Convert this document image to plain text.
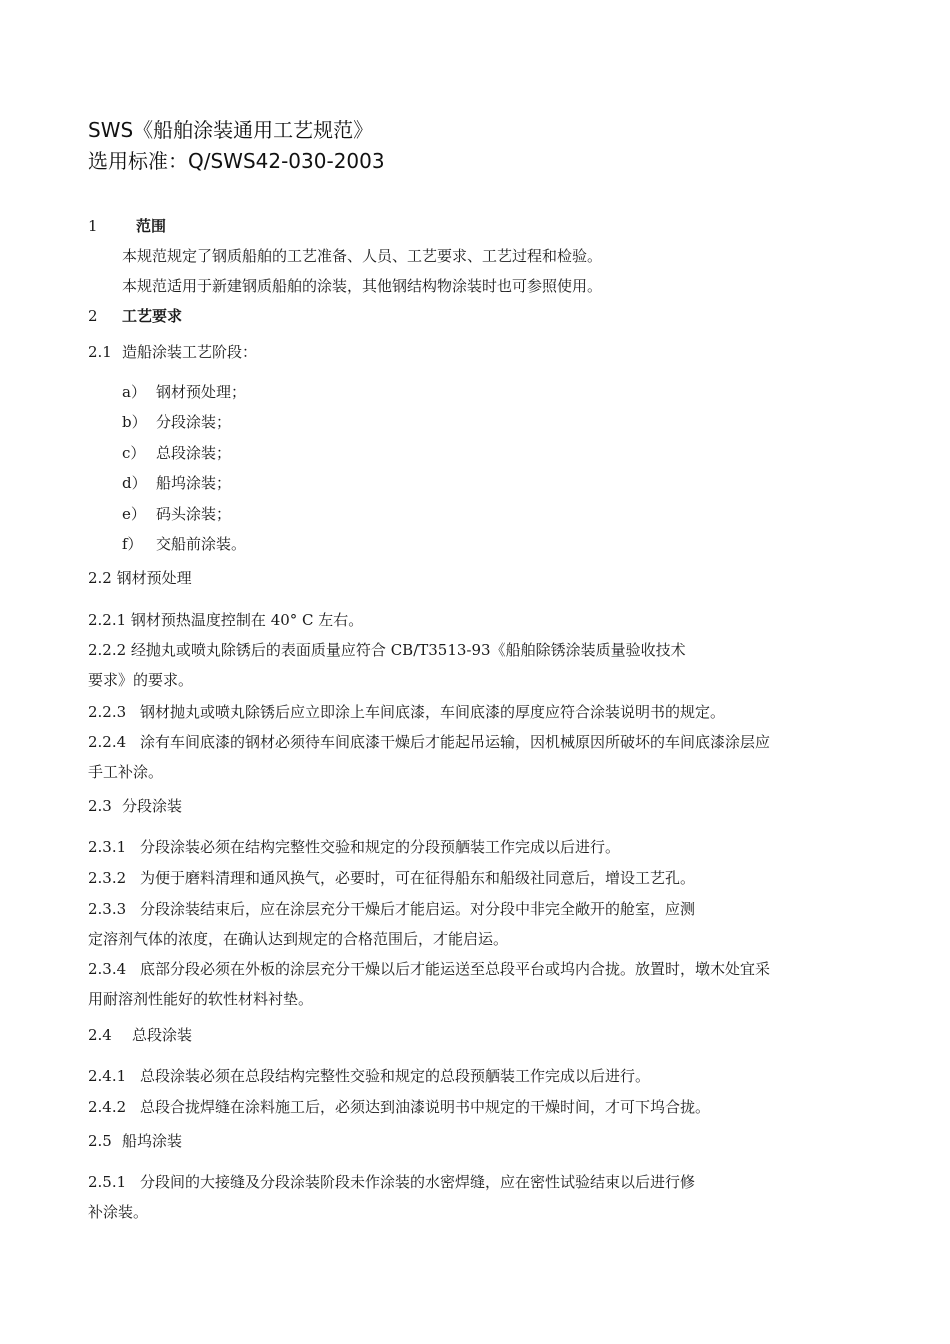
SWS《船舶涂装通用工艺规范》
选用标准：Q/SWS42-030-2003
1	范围
本规范规定了钢质船舶的工艺准备、人员、工艺要求、工艺过程和检验。
本规范适用于新建钢质船舶的涂装，其他钢结构物涂装时也可参照使用。
2 工艺要求
2.1 造船涂装工艺阶段：
a） 钢材预处理；
b） 分段涂装；
c） 总段涂装；
d） 船坞涂装；
e） 码头涂装；
f） 交船前涂装。
2.2 钢材预处理
2.2.1 钢材预热温度控制在 40° C 左右。
2.2.2 经抛丸或喷丸除锈后的表面质量应符合 CB/T3513-93《船舶除锈涂装质量验收技术
要求》的要求。
2.2.3 钢材抛丸或喷丸除锈后应立即涂上车间底漆，车间底漆的厚度应符合涂装说明书的规定。
2.2.4 涂有车间底漆的钢材必须待车间底漆干燥后才能起吊运输，因机械原因所破坏的车间底漆涂层应
手工补涂。
2.3 分段涂装
2.3.1 分段涂装必须在结构完整性交验和规定的分段预舾装工作完成以后进行。
2.3.2 为便于磨料清理和通风换气，必要时，可在征得船东和船级社同意后，增设工艺孔。
2.3.3 分段涂装结束后，应在涂层充分干燥后才能启运。对分段中非完全敞开的舱室，应测
定溶剂气体的浓度，在确认达到规定的合格范围后，才能启运。
2.3.4 底部分段必须在外板的涂层充分干燥以后才能运送至总段平台或坞内合拢。放置时，墩木处宜采
用耐溶剂性能好的软性材料衬垫。
2.4 总段涂装
2.4.1 总段涂装必须在总段结构完整性交验和规定的总段预舾装工作完成以后进行。
2.4.2 总段合拢焊缝在涂料施工后，必须达到油漆说明书中规定的干燥时间，才可下坞合拢。
2.5 船坞涂装
2.5.1 分段间的大接缝及分段涂装阶段未作涂装的水密焊缝，应在密性试验结束以后进行修
补涂装。
